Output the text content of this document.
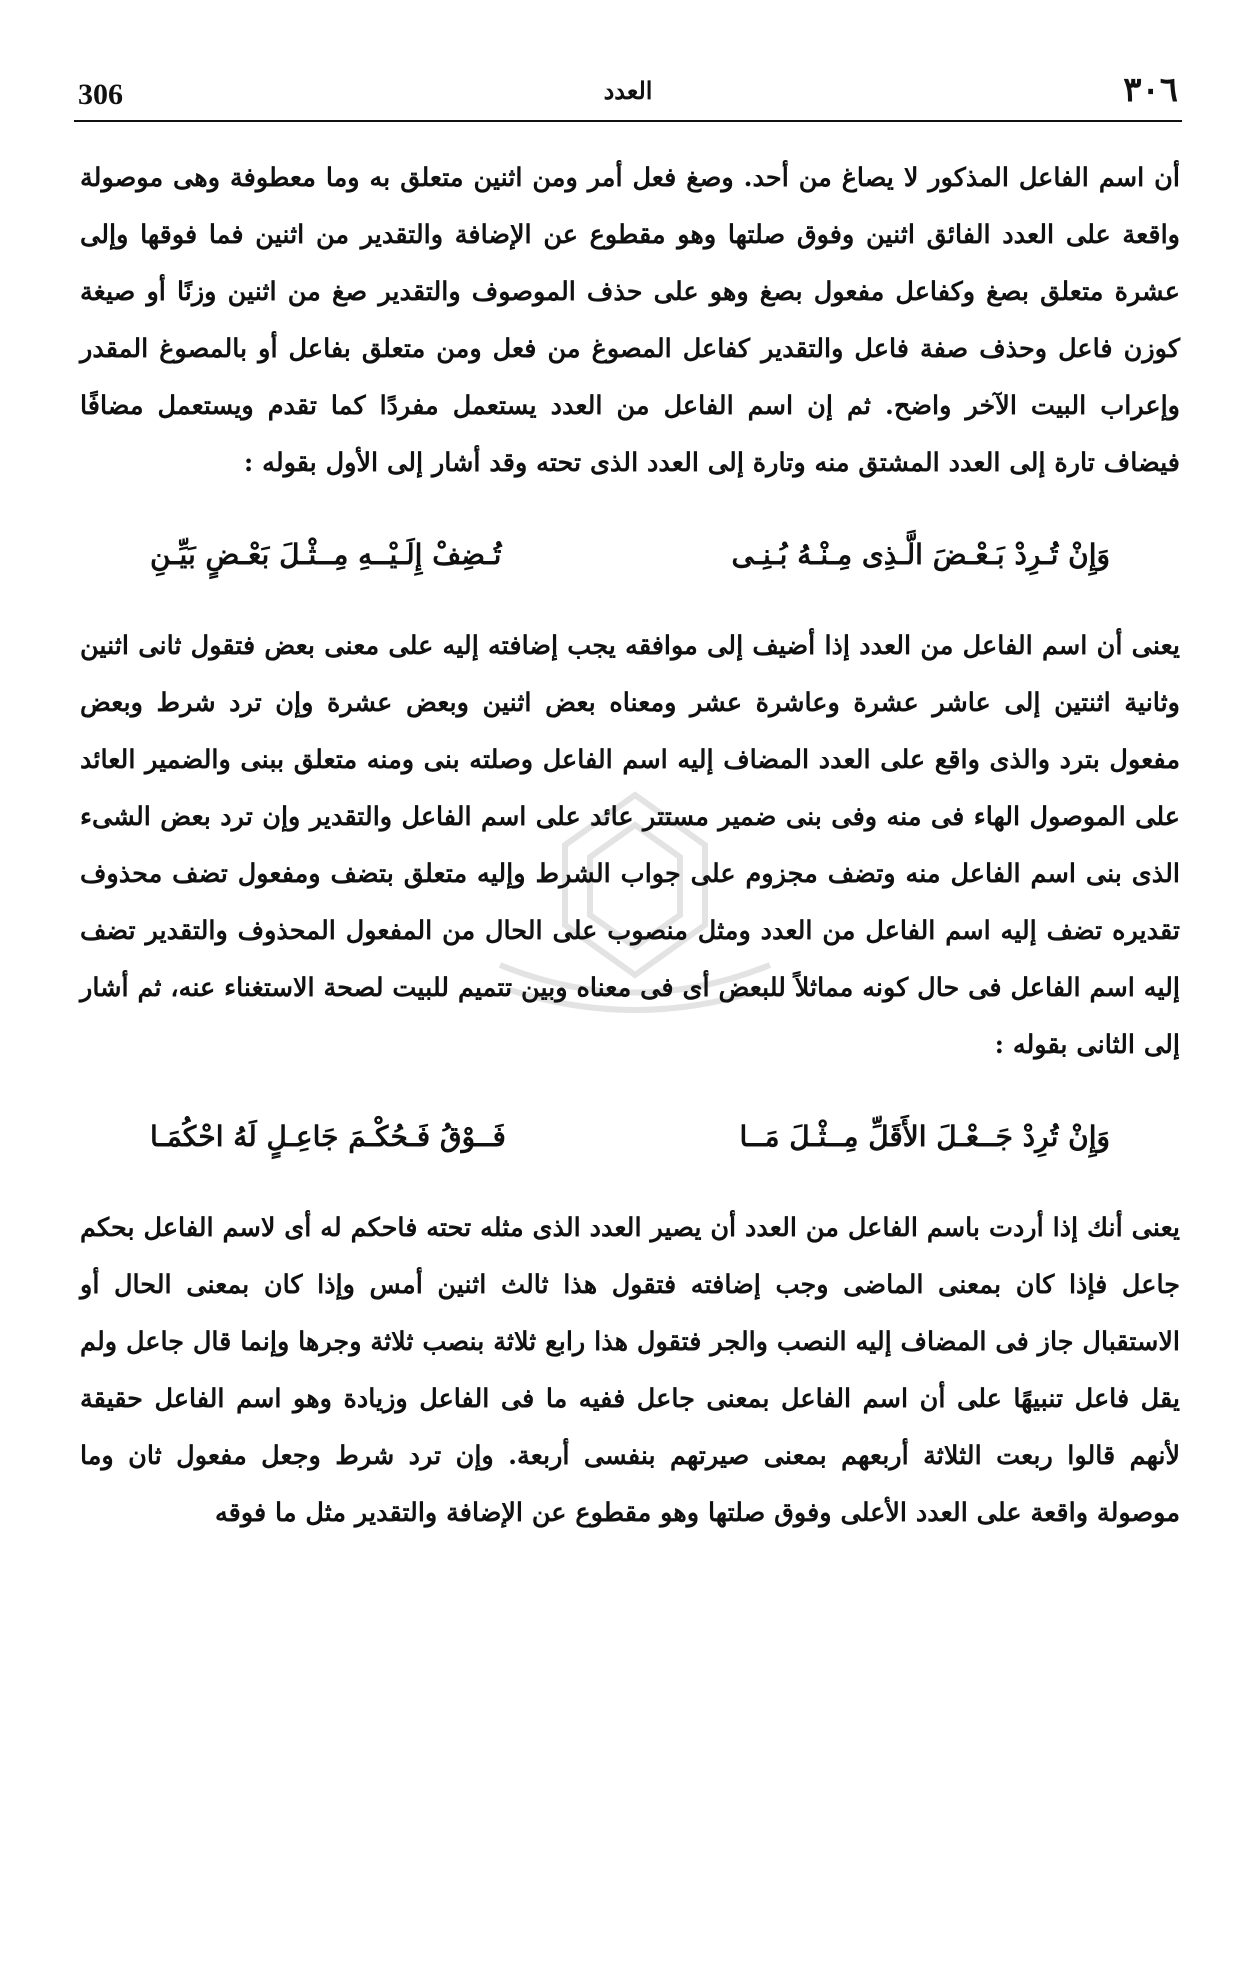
306	العدد	٣٠٦

أن اسم الفاعل المذكور لا يصاغ من أحد. وصغ فعل أمر ومن اثنين متعلق به وما معطوفة وهى موصولة واقعة على العدد الفائق اثنين وفوق صلتها وهو مقطوع عن الإضافة والتقدير من اثنين فما فوقها وإلى عشرة متعلق بصغ وكفاعل مفعول بصغ وهو على حذف الموصوف والتقدير صغ من اثنين وزنًا أو صيغة كوزن فاعل وحذف صفة فاعل والتقدير كفاعل المصوغ من فعل ومن متعلق بفاعل أو بالمصوغ المقدر وإعراب البيت الآخر واضح. ثم إن اسم الفاعل من العدد يستعمل مفردًا كما تقدم ويستعمل مضافًا فيضاف تارة إلى العدد المشتق منه وتارة إلى العدد الذى تحته وقد أشار إلى الأول بقوله :

وَإِنْ تُـرِدْ بَـعْـضَ الَّـذِى مِـنْـهُ بُـنِـى
تُـضِفْ إِلَـيْــهِ مِــثْـلَ بَعْـضٍ بَيِّـنِ

يعنى أن اسم الفاعل من العدد إذا أضيف إلى موافقه يجب إضافته إليه على معنى بعض فتقول ثانى اثنين وثانية اثنتين إلى عاشر عشرة وعاشرة عشر ومعناه بعض اثنين وبعض عشرة وإن ترد شرط وبعض مفعول بترد والذى واقع على العدد المضاف إليه اسم الفاعل وصلته بنى ومنه متعلق ببنى والضمير العائد على الموصول الهاء فى منه وفى بنى ضمير مستتر عائد على اسم الفاعل والتقدير وإن ترد بعض الشىء الذى بنى اسم الفاعل منه وتضف مجزوم على جواب الشرط وإليه متعلق بتضف ومفعول تضف محذوف تقديره تضف إليه اسم الفاعل من العدد ومثل منصوب على الحال من المفعول المحذوف والتقدير تضف إليه اسم الفاعل فى حال كونه مماثلاً للبعض أى فى معناه وبين تتميم للبيت لصحة الاستغناء عنه، ثم أشار إلى الثانى بقوله :

وَإِنْ تُرِدْ جَــعْـلَ الأَقَلِّ مِــثْـلَ مَــا
فَــوْقُ فَـحُكْـمَ جَاعِـلٍ لَهُ احْكُمَـا

يعنى أنك إذا أردت باسم الفاعل من العدد أن يصير العدد الذى مثله تحته فاحكم له أى لاسم الفاعل بحكم جاعل فإذا كان بمعنى الماضى وجب إضافته فتقول هذا ثالث اثنين أمس وإذا كان بمعنى الحال أو الاستقبال جاز فى المضاف إليه النصب والجر فتقول هذا رابع ثلاثة بنصب ثلاثة وجرها وإنما قال جاعل ولم يقل فاعل تنبيهًا على أن اسم الفاعل بمعنى جاعل ففيه ما فى الفاعل وزيادة وهو اسم الفاعل حقيقة لأنهم قالوا ربعت الثلاثة أربعهم بمعنى صيرتهم بنفسى أربعة. وإن ترد شرط وجعل مفعول ثان وما موصولة واقعة على العدد الأعلى وفوق صلتها وهو مقطوع عن الإضافة والتقدير مثل ما فوقه
